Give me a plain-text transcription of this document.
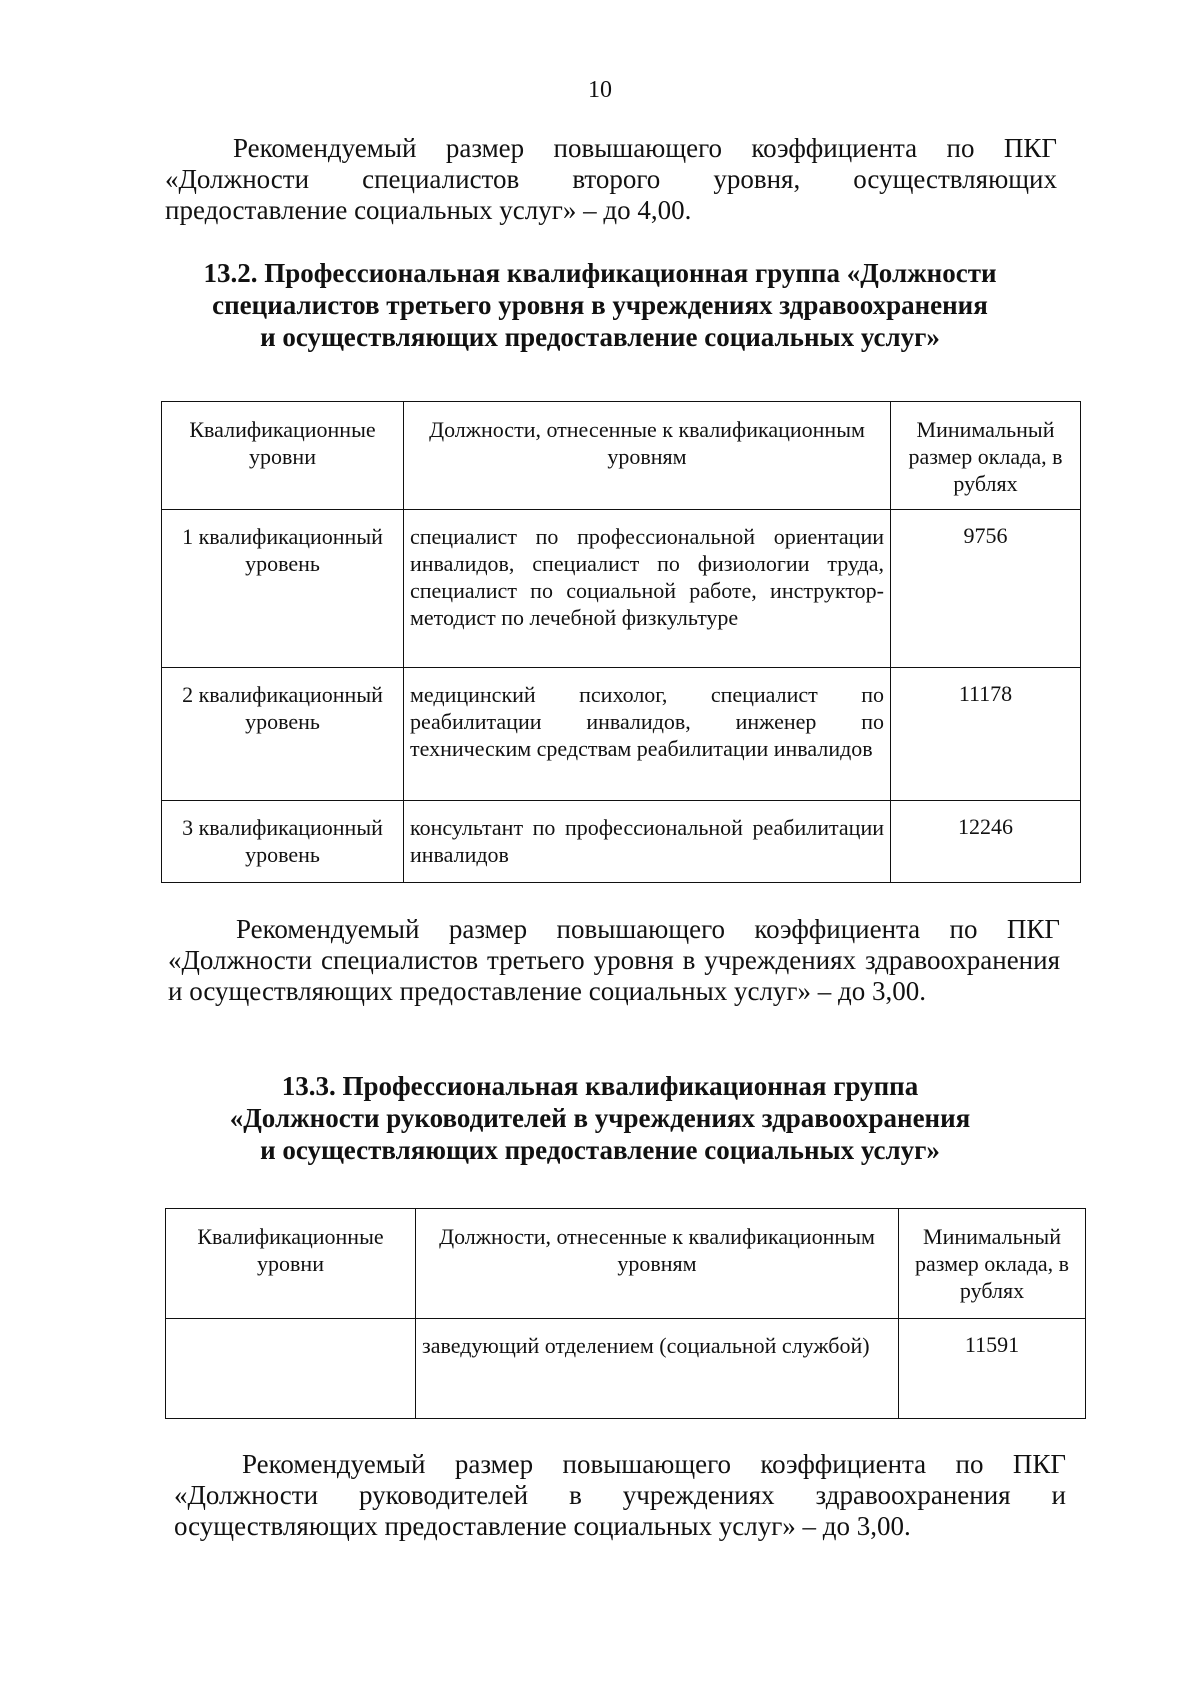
10

Рекомендуемый размер повышающего коэффициента по ПКГ «Должности специалистов второго уровня, осуществляющих предоставление социальных услуг» – до 4,00.

13.2. Профессиональная квалификационная группа «Должности
специалистов третьего уровня в учреждениях здравоохранения
и осуществляющих предоставление социальных услуг»
Квалификационные уровни	Должности, отнесенные к квалификационным уровням	Минимальный размер оклада, в рублях
1 квалификационный уровень	специалист по профессиональной ориентации инвалидов, специалист по физиологии труда, специалист по социальной работе, инструктор-методист по лечебной физкультуре	9756
2 квалификационный уровень	медицинский психолог, специалист по реабилитации инвалидов, инженер по техническим средствам реабилитации инвалидов	11178
3 квалификационный уровень	консультант по профессиональной реабилитации инвалидов	12246

Рекомендуемый размер повышающего коэффициента по ПКГ «Должности специалистов третьего уровня в учреждениях здравоохранения и осуществляющих предоставление социальных услуг» – до 3,00.

13.3. Профессиональная квалификационная группа
«Должности руководителей в учреждениях здравоохранения
и осуществляющих предоставление социальных услуг»
Квалификационные уровни	Должности, отнесенные к квалификационным уровням	Минимальный размер оклада, в рублях
	заведующий отделением (социальной службой)	11591

Рекомендуемый размер повышающего коэффициента по ПКГ «Должности руководителей в учреждениях здравоохранения и осуществляющих предоставление социальных услуг» – до 3,00.
